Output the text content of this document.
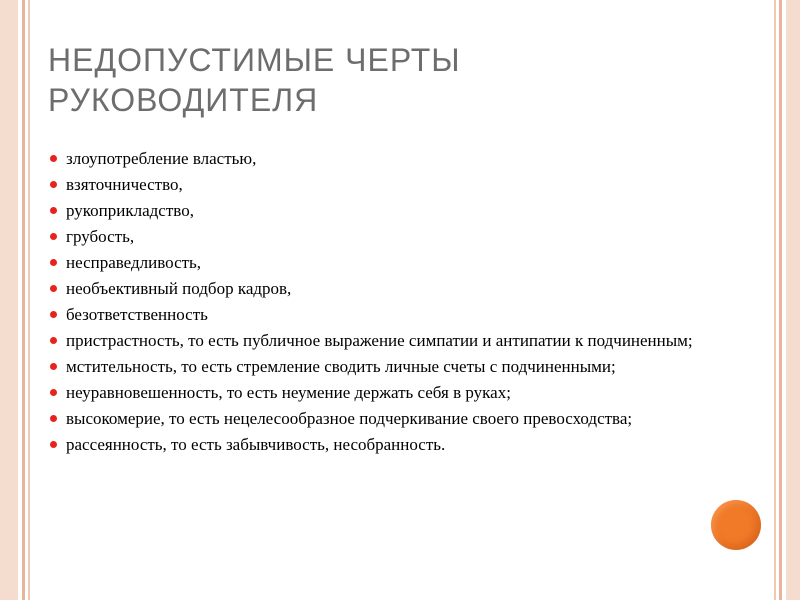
НЕДОПУСТИМЫЕ ЧЕРТЫ
РУКОВОДИТЕЛЯ
злоупотребление властью,
взяточничество,
рукоприкладство,
грубость,
несправедливость,
необъективный подбор кадров,
безответственность
пристрастность, то есть публичное выражение симпатии и антипатии к подчиненным;
мстительность, то есть стремление сводить личные счеты с подчиненными;
неуравновешенность, то есть неумение держать себя в руках;
высокомерие, то есть нецелесообразное подчеркивание своего превосходства;
рассеянность, то есть забывчивость, несобранность.
